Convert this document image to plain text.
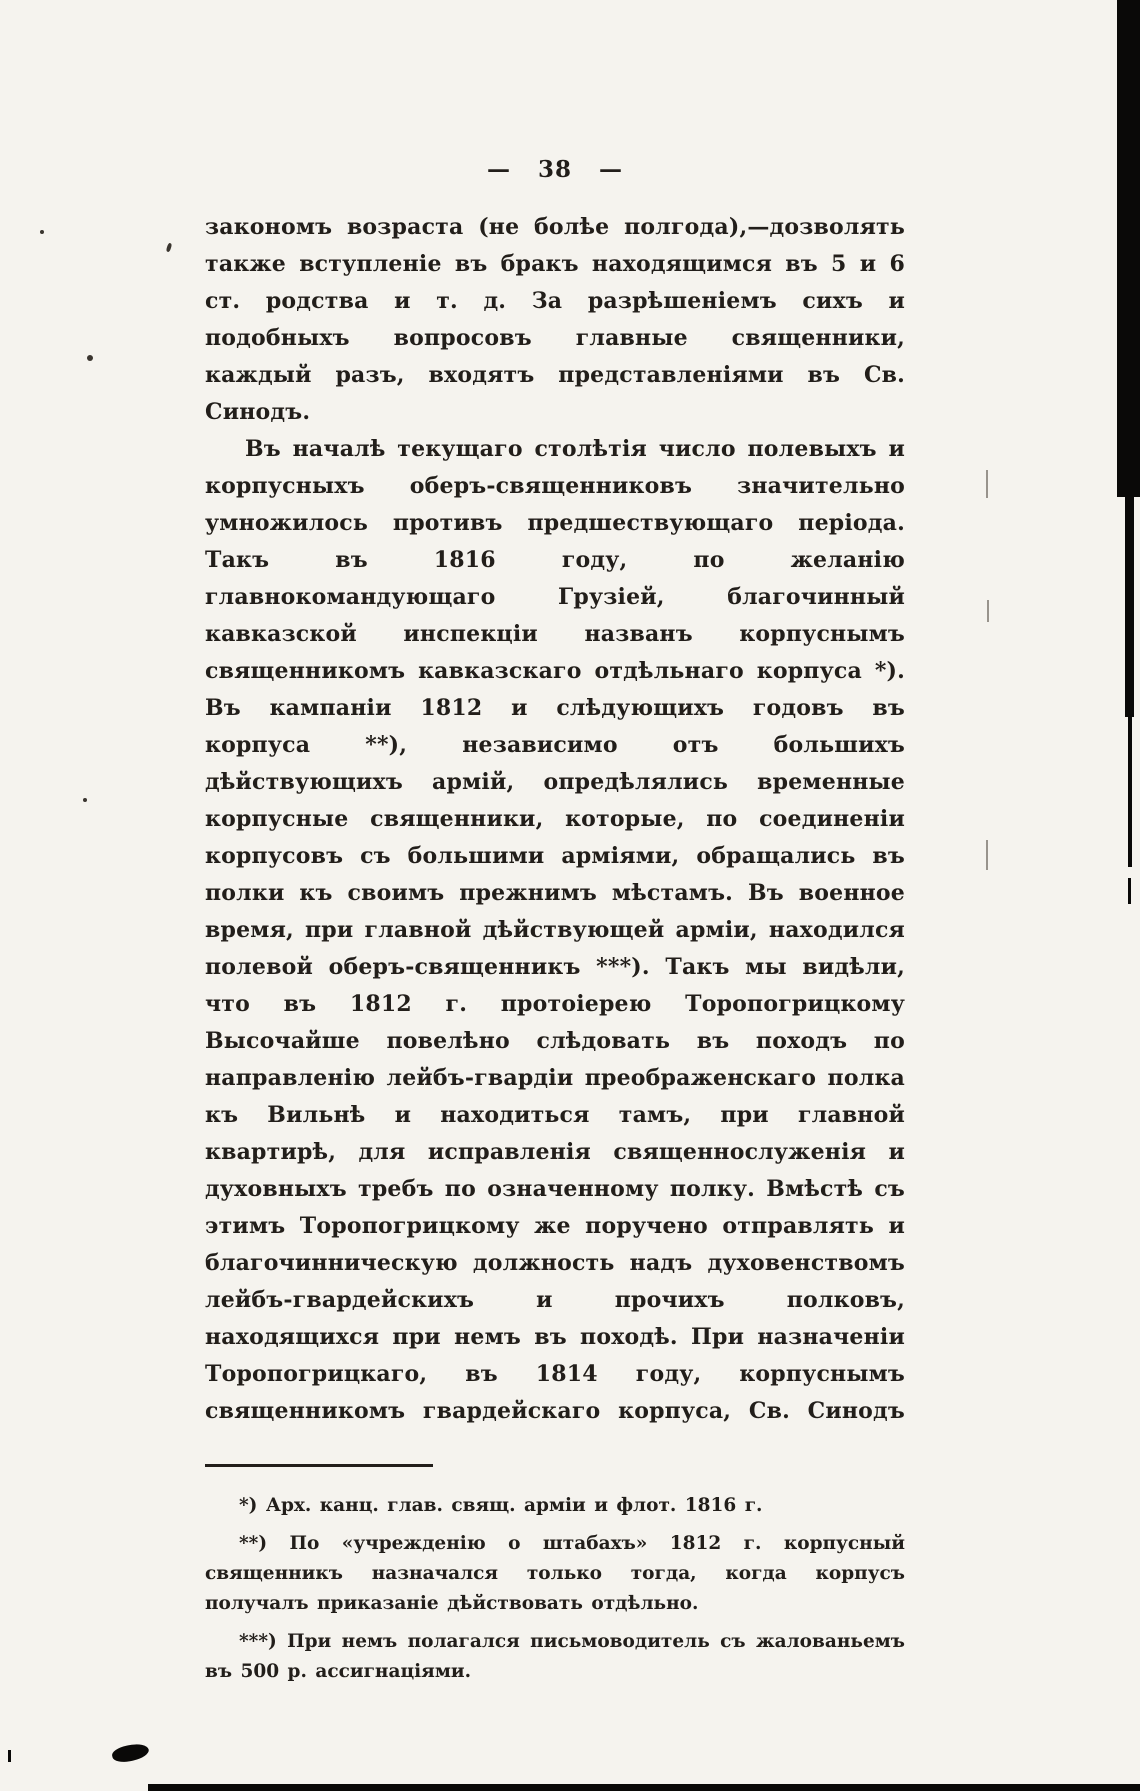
— 38 —

закономъ возраста (не болѣе полгода),—дозволять также вступленіе въ бракъ находящимся въ 5 и 6 ст. родства и т. д. За разрѣшеніемъ сихъ и подобныхъ вопросовъ главные священники, каждый разъ, входятъ представленіями въ Св. Синодъ.

Въ началѣ текущаго столѣтія число полевыхъ и корпусныхъ оберъ-священниковъ значительно умножилось противъ предшествующаго періода. Такъ въ 1816 году, по желанію главнокомандующаго Грузіей, благочинный кавказской инспекціи названъ корпуснымъ священникомъ кавказскаго отдѣльнаго корпуса *). Въ кампаніи 1812 и слѣдующихъ годовъ въ корпуса **), независимо отъ большихъ дѣйствующихъ армій, опредѣлялись временные корпусные священники, которые, по соединеніи корпусовъ съ большими арміями, обращались въ полки къ своимъ прежнимъ мѣстамъ. Въ военное время, при главной дѣйствующей арміи, находился полевой оберъ-священникъ ***). Такъ мы видѣли, что въ 1812 г. протоіерею Торопогрицкому Высочайше повелѣно слѣдовать въ походъ по направленію лейбъ-гвардіи преображенскаго полка къ Вильнѣ и находиться тамъ, при главной квартирѣ, для исправленія священнослуженія и духовныхъ требъ по означенному полку. Вмѣстѣ съ этимъ Торопогрицкому же поручено отправлять и благочинническую должность надъ духовенствомъ лейбъ-гвардейскихъ и прочихъ полковъ, находящихся при немъ въ походѣ. При назначеніи Торопогрицкаго, въ 1814 году, корпуснымъ священникомъ гвардейскаго корпуса, Св. Синодъ

*) Арх. канц. глав. свящ. арміи и флот. 1816 г.

**) По «учрежденію о штабахъ» 1812 г. корпусный священникъ назначался только тогда, когда корпусъ получалъ приказаніе дѣйствовать отдѣльно.

***) При немъ полагался письмоводитель съ жалованьемъ въ 500 р. ассигнаціями.
